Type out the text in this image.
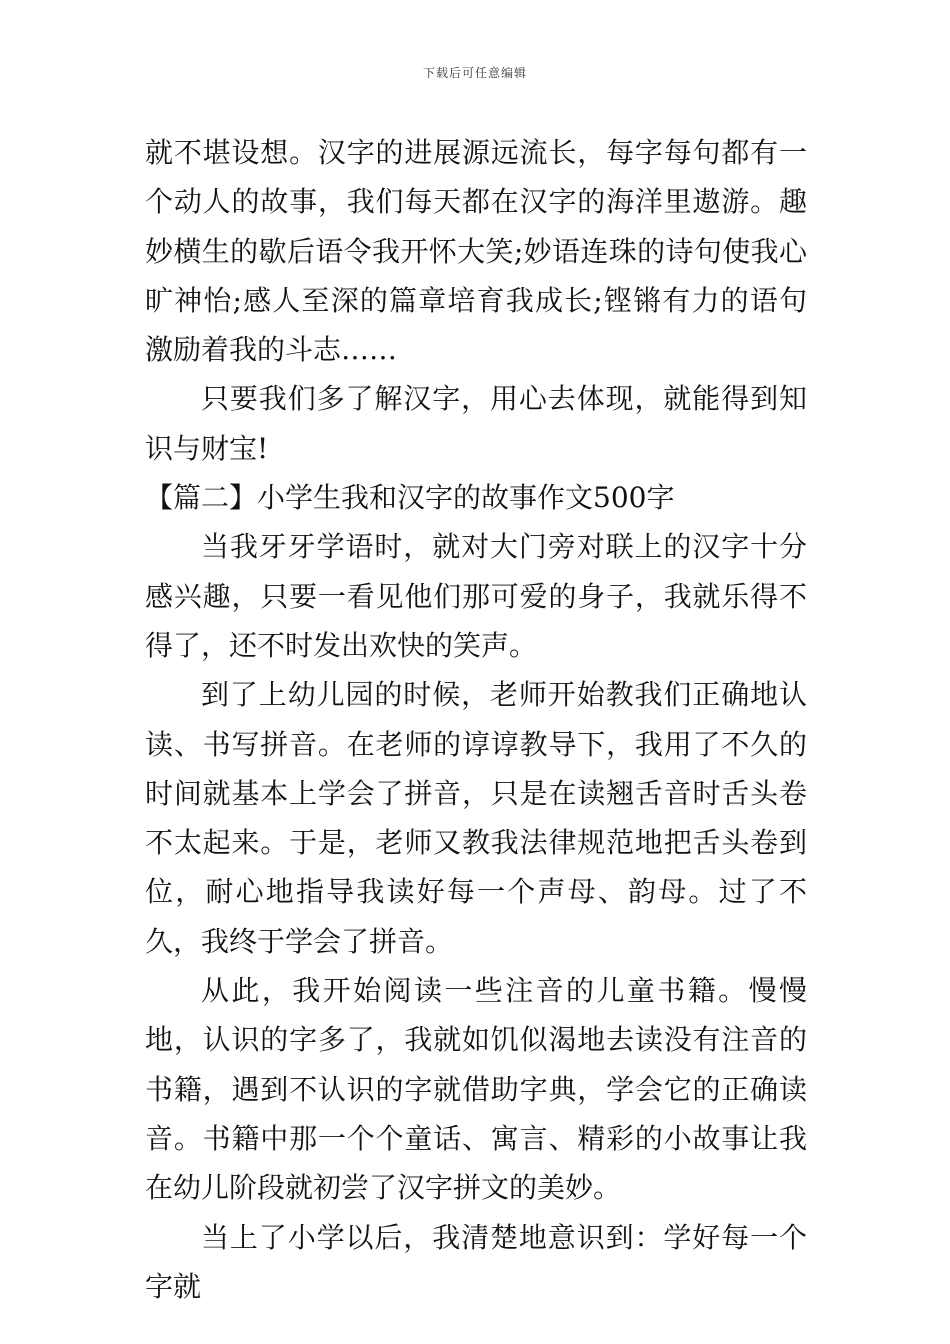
下载后可任意编辑

就不堪设想。汉字的进展源远流长，每字每句都有一个动人的故事，我们每天都在汉字的海洋里遨游。趣妙横生的歇后语令我开怀大笑;妙语连珠的诗句使我心旷神怡;感人至深的篇章培育我成长;铿锵有力的语句激励着我的斗志……

只要我们多了解汉字，用心去体现，就能得到知识与财宝!

【篇二】小学生我和汉字的故事作文500字

当我牙牙学语时，就对大门旁对联上的汉字十分感兴趣，只要一看见他们那可爱的身子，我就乐得不得了，还不时发出欢快的笑声。

到了上幼儿园的时候，老师开始教我们正确地认读、书写拼音。在老师的谆谆教导下，我用了不久的时间就基本上学会了拼音，只是在读翘舌音时舌头卷不太起来。于是，老师又教我法律规范地把舌头卷到位，耐心地指导我读好每一个声母、韵母。过了不久，我终于学会了拼音。

从此，我开始阅读一些注音的儿童书籍。慢慢地，认识的字多了，我就如饥似渴地去读没有注音的书籍，遇到不认识的字就借助字典，学会它的正确读音。书籍中那一个个童话、寓言、精彩的小故事让我在幼儿阶段就初尝了汉字拼文的美妙。

当上了小学以后，我清楚地意识到：学好每一个字就
